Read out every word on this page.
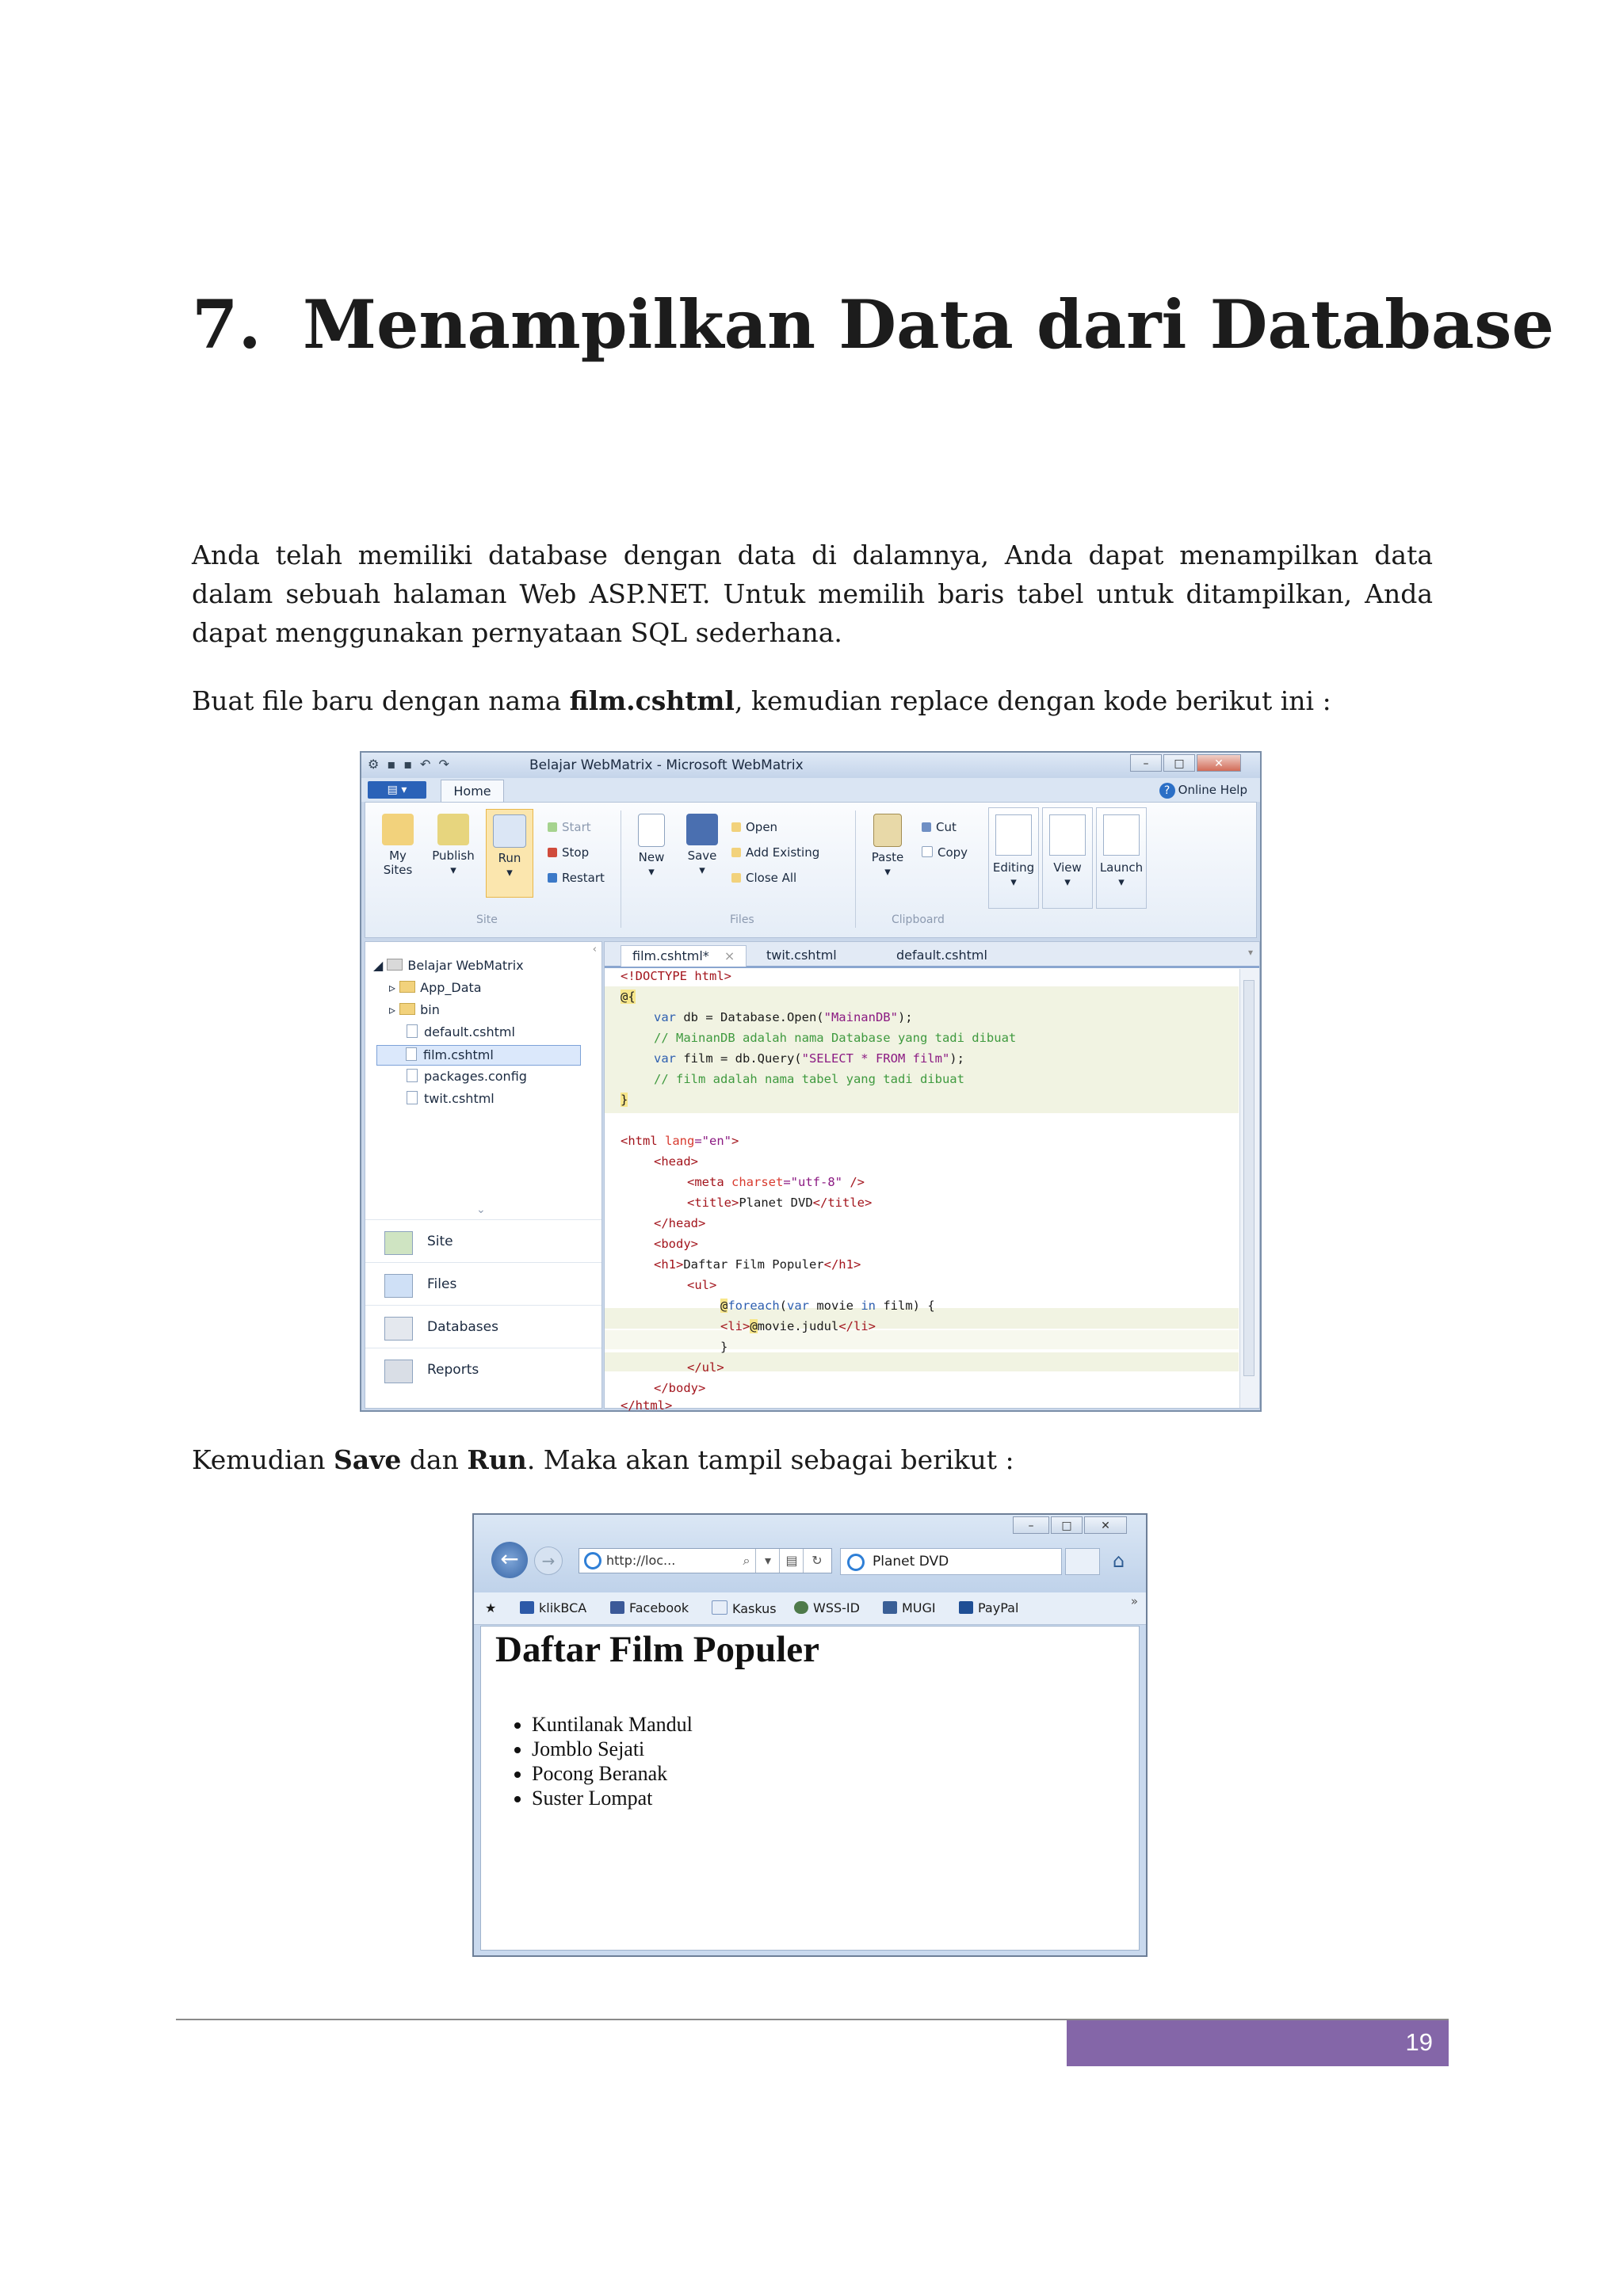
7. Menampilkan Data dari Database
Anda telah memiliki database dengan data di dalamnya, Anda dapat menampilkan data dalam sebuah halaman Web ASP.NET. Untuk memilih baris tabel untuk ditampilkan, Anda dapat menggunakan pernyataan SQL sederhana.
Buat file baru dengan nama film.cshtml, kemudian replace dengan kode berikut ini :
⚙ ▪ ▪ ↶ ↷	Belajar WebMatrix - Microsoft WebMatrix	–	□	✕
▤ ▾	Home	? Online Help
My Sites
Publish
▾
Run
▾
Start
Stop
Restart
Site
New
▾
Save
▾
Open
Add Existing
Close All
Files
Paste
▾
Cut
Copy
Clipboard
Editing
▾
View
▾
Launch
▾
‹
◢ Belajar WebMatrix
▹ App_Data
▹ bin
default.cshtml
film.cshtml
packages.config
twit.cshtml
⌄
Site
Files
Databases
Reports
film.cshtml* ×	twit.cshtml	default.cshtml	▾
<!DOCTYPE html>
@{
var db = Database.Open("MainanDB");
// MainanDB adalah nama Database yang tadi dibuat
var film = db.Query("SELECT * FROM film");
// film adalah nama tabel yang tadi dibuat
}
<html lang="en">
<head>
<meta charset="utf-8" />
<title>Planet DVD</title>
</head>
<body>
<h1>Daftar Film Populer</h1>
<ul>
@foreach(var movie in film) {
<li>@movie.judul</li>
}
</ul>
</body>
</html>
Kemudian Save dan Run. Maka akan tampil sebagai berikut :
–	□	✕
←	→	http://loc...	⌕	▾	▤	↻	Planet DVD	⌂
★	klikBCA	Facebook	Kaskus	WSS-ID	MUGI	PayPal	»
Daftar Film Populer
• Kuntilanak Mandul
• Jomblo Sejati
• Pocong Beranak
• Suster Lompat
19
